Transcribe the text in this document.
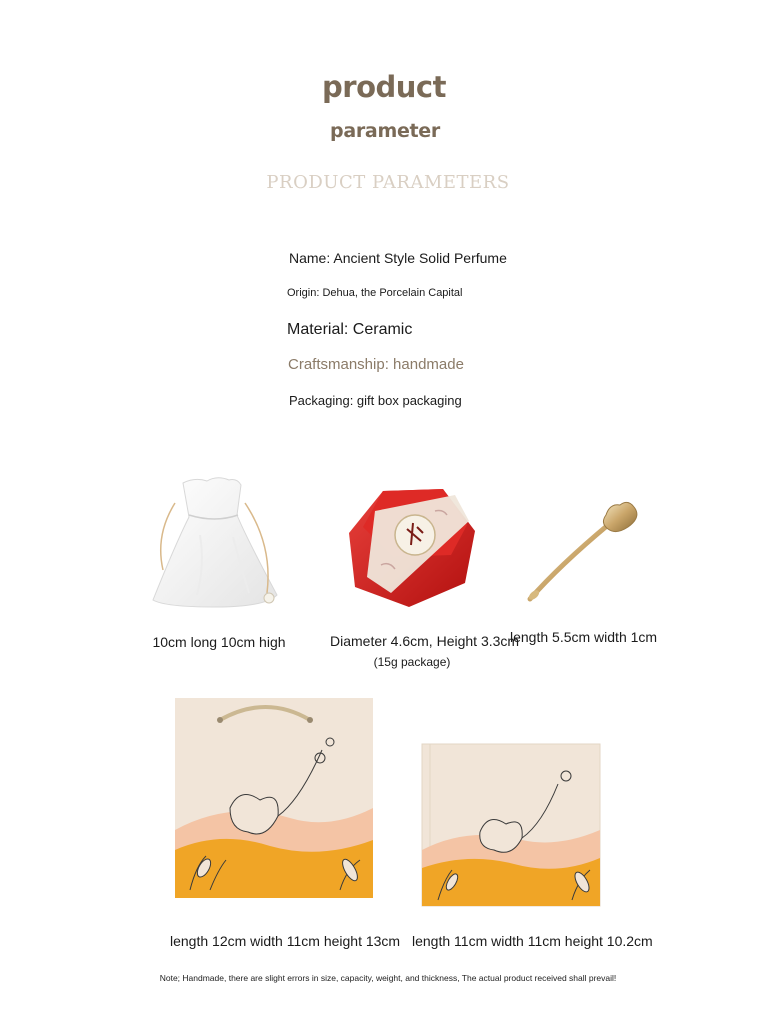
product
parameter
PRODUCT PARAMETERS
Name: Ancient Style Solid Perfume
Origin: Dehua, the Porcelain Capital
Material: Ceramic
Craftsmanship: handmade
Packaging: gift box packaging
10cm long 10cm high	Diameter 4.6cm, Height 3.3cm
(15g package)
length 5.5cm width 1cm
length 12cm width 11cm height 13cm length 11cm width 11cm height 10.2cm
Note; Handmade, there are slight errors in size, capacity, weight, and thickness, The actual product received shall prevail!
